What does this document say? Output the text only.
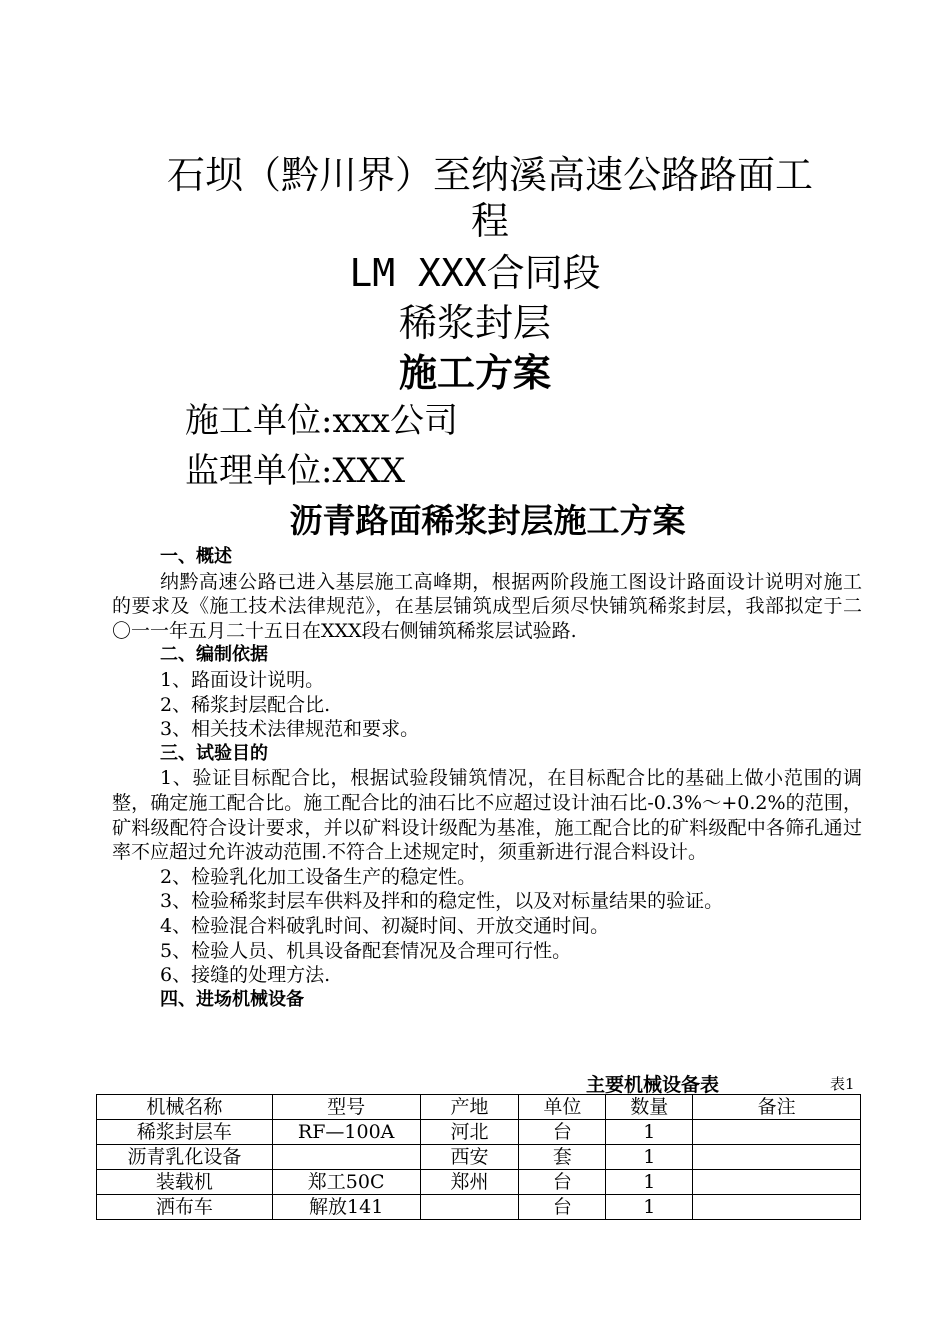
石坝（黔川界）至纳溪高速公路路面工
程
LM XXX合同段
稀浆封层
施工方案
施工单位:xxx公司
监理单位:XXX
沥青路面稀浆封层施工方案
一、概述
纳黔高速公路已进入基层施工高峰期，根据两阶段施工图设计路面设计说明对施工的要求及《施工技术法律规范》，在基层铺筑成型后须尽快铺筑稀浆封层，我部拟定于二〇一一年五月二十五日在XXX段右侧铺筑稀浆层试验路.
二、编制依据
1、路面设计说明。
2、稀浆封层配合比.
3、相关技术法律规范和要求。
三、试验目的
1、验证目标配合比，根据试验段铺筑情况，在目标配合比的基础上做小范围的调整，确定施工配合比。施工配合比的油石比不应超过设计油石比-0.3%～+0.2%的范围，矿料级配符合设计要求，并以矿料设计级配为基准，施工配合比的矿料级配中各筛孔通过率不应超过允许波动范围.不符合上述规定时，须重新进行混合料设计。
2、检验乳化加工设备生产的稳定性。
3、检验稀浆封层车供料及拌和的稳定性，以及对标量结果的验证。
4、检验混合料破乳时间、初凝时间、开放交通时间。
5、检验人员、机具设备配套情况及合理可行性。
6、接缝的处理方法.
四、进场机械设备
主要机械设备表	表1
机械名称	型号	产地	单位	数量	备注
稀浆封层车	RF—100A	河北	台	1	
沥青乳化设备		西安	套	1	
装载机	郑工50C	郑州	台	1	
洒布车	解放141		台	1	
